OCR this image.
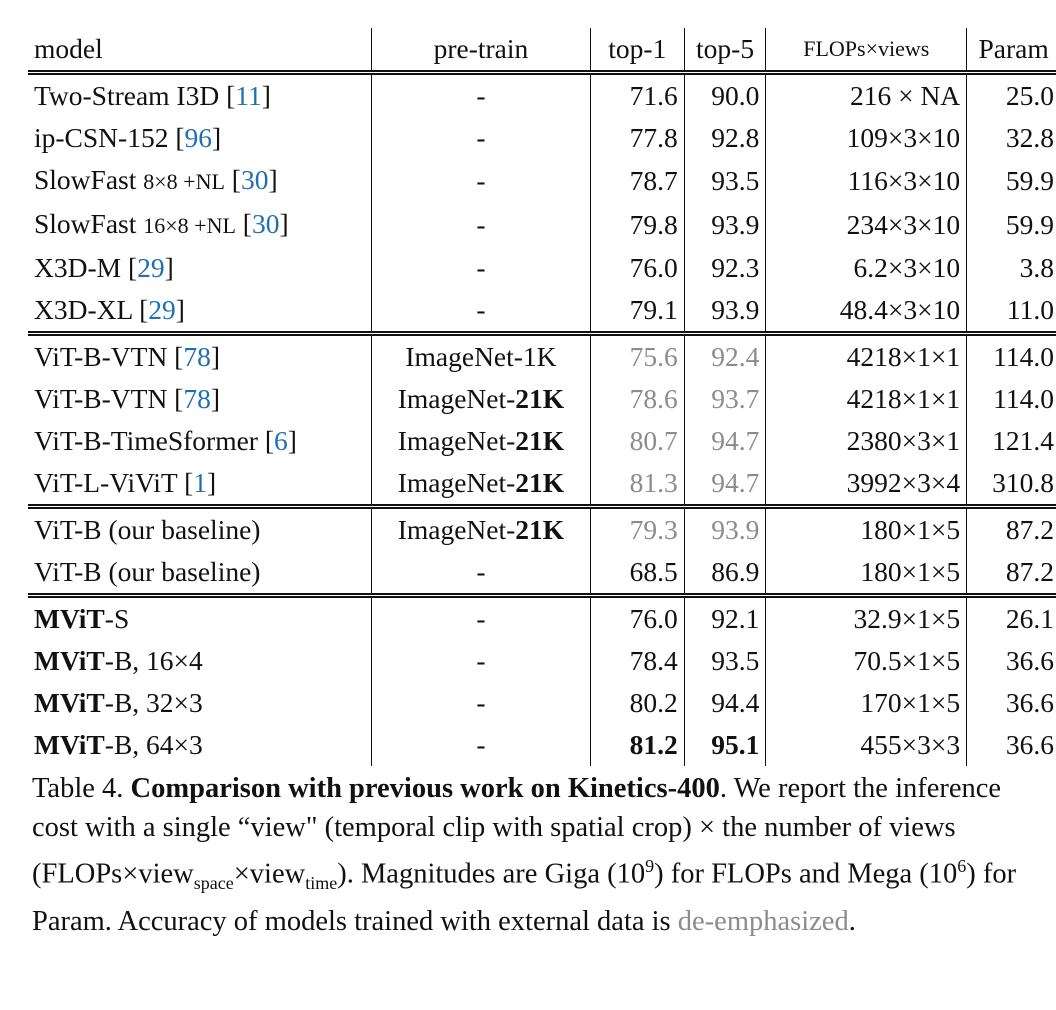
model	pre-train	top-1	top-5	FLOPs×views	Param
Two-Stream I3D [11]	-	71.6	90.0	216 × NA	25.0
ip-CSN-152 [96]	-	77.8	92.8	109×3×10	32.8
SlowFast 8×8 +NL [30]	-	78.7	93.5	116×3×10	59.9
SlowFast 16×8 +NL [30]	-	79.8	93.9	234×3×10	59.9
X3D-M [29]	-	76.0	92.3	6.2×3×10	3.8
X3D-XL [29]	-	79.1	93.9	48.4×3×10	11.0
ViT-B-VTN [78]	ImageNet-1K	75.6	92.4	4218×1×1	114.0
ViT-B-VTN [78]	ImageNet-21K	78.6	93.7	4218×1×1	114.0
ViT-B-TimeSformer [6]	ImageNet-21K	80.7	94.7	2380×3×1	121.4
ViT-L-ViViT [1]	ImageNet-21K	81.3	94.7	3992×3×4	310.8
ViT-B (our baseline)	ImageNet-21K	79.3	93.9	180×1×5	87.2
ViT-B (our baseline)	-	68.5	86.9	180×1×5	87.2
MViT-S	-	76.0	92.1	32.9×1×5	26.1
MViT-B, 16×4	-	78.4	93.5	70.5×1×5	36.6
MViT-B, 32×3	-	80.2	94.4	170×1×5	36.6
MViT-B, 64×3	-	81.2	95.1	455×3×3	36.6
Table 4. Comparison with previous work on Kinetics-400. We report the inference cost with a single “view" (temporal clip with spatial crop) × the number of views (FLOPs×view$_{space}$×view$_{time}$). Magnitudes are Giga $(10^9)$ for FLOPs and Mega $(10^6)$ for Param. Accuracy of models trained with external data is de-emphasized.
